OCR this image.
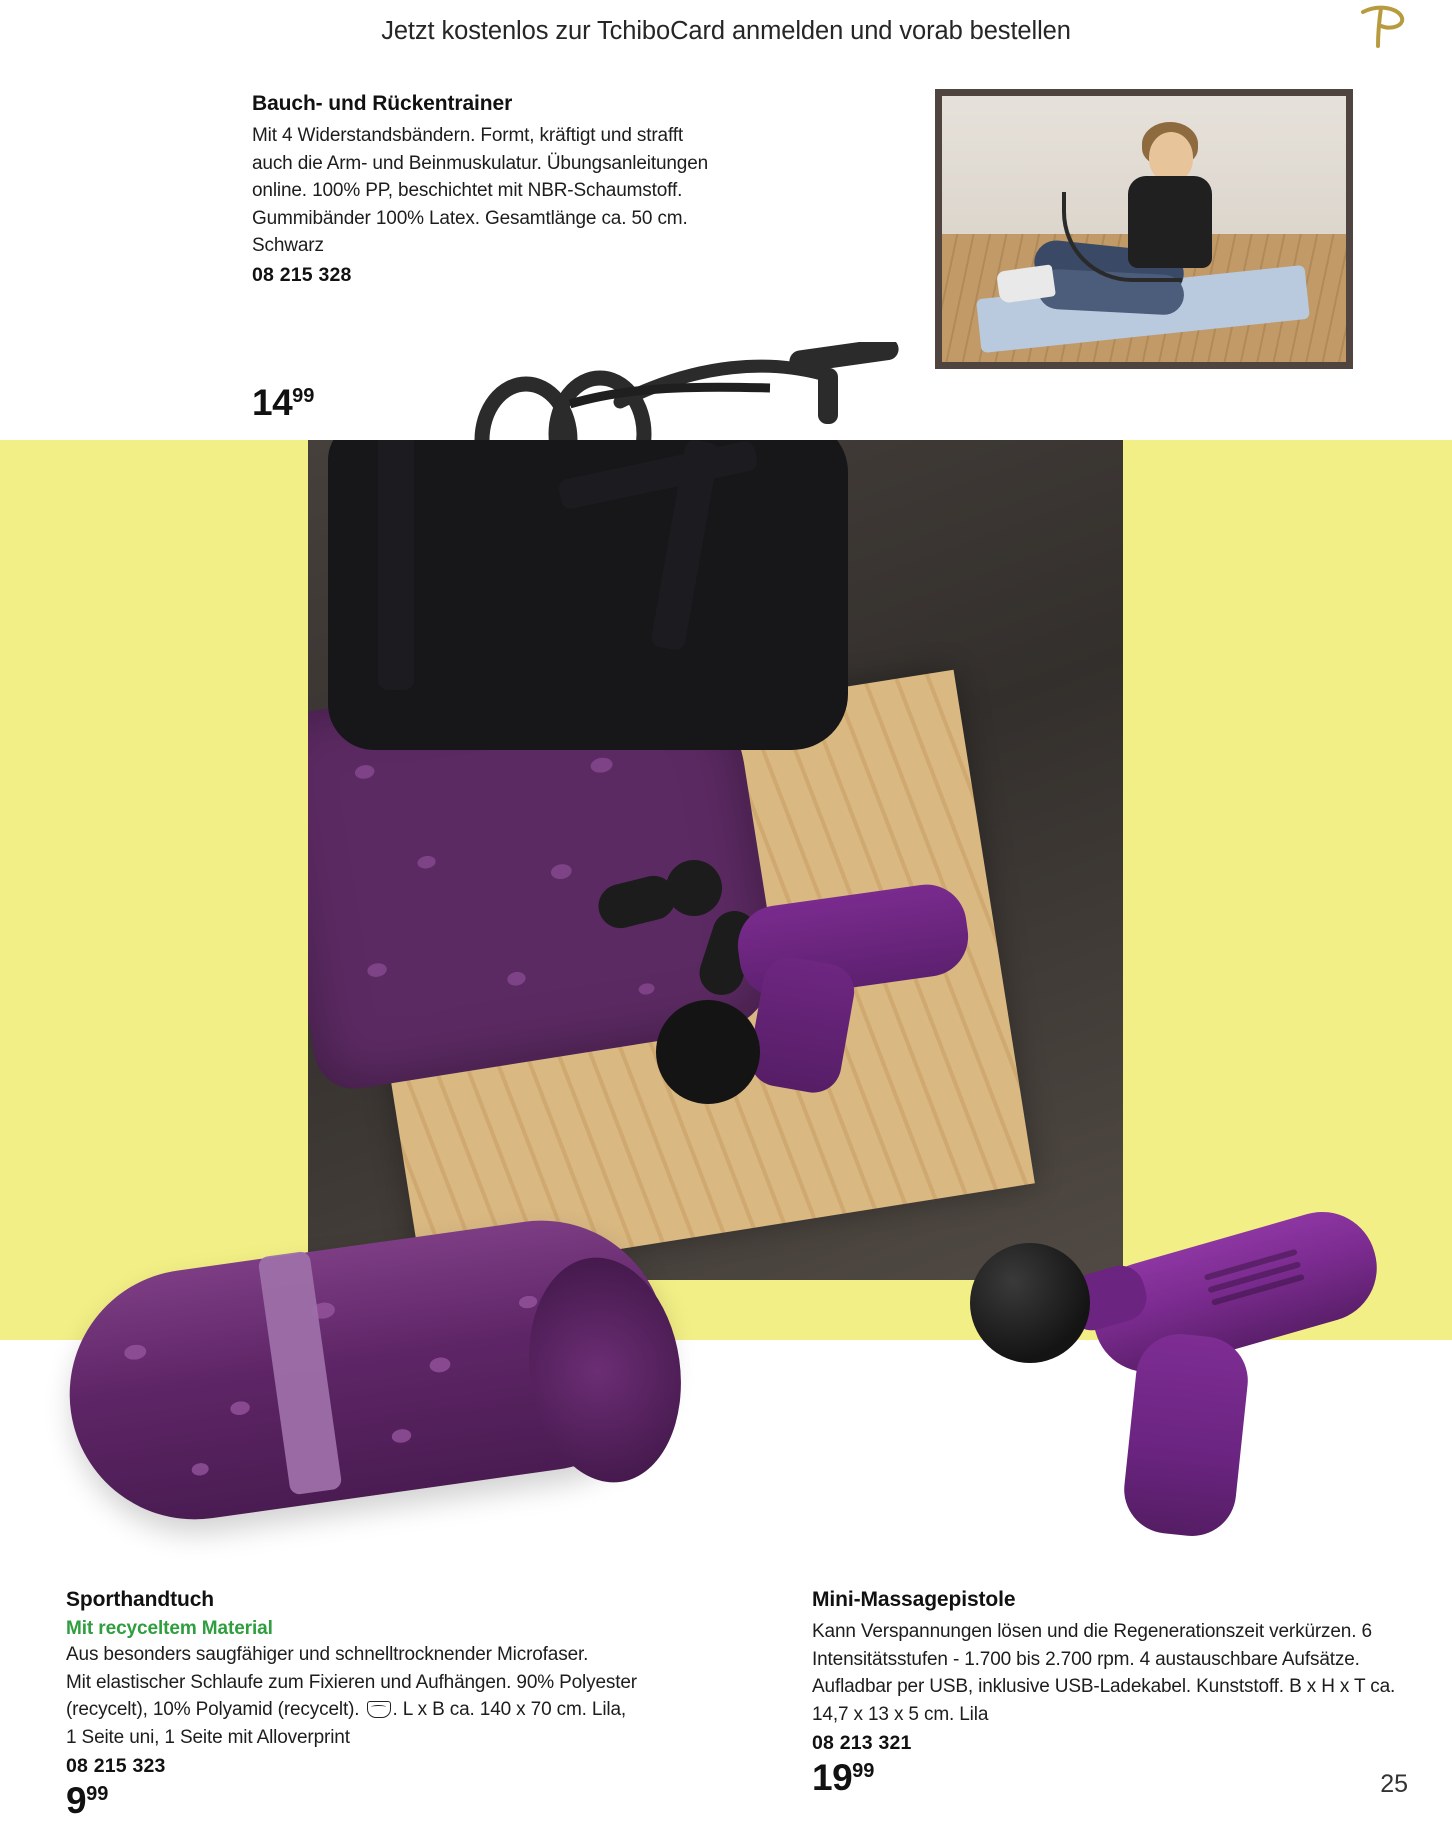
Jetzt kostenlos zur TchiboCard anmelden und vorab bestellen
Bauch- und Rückentrainer
Mit 4 Widerstandsbändern. Formt, kräftigt und strafft auch die Arm- und Beinmuskulatur. Übungsanleitungen online. 100% PP, beschichtet mit NBR-Schaumstoff. Gummibänder 100% Latex. Gesamtlänge ca. 50 cm. Schwarz
08 215 328
1499
Sporthandtuch
Mit recyceltem Material
Aus besonders saugfähiger und schnelltrocknender Microfaser.
Mit elastischer Schlaufe zum Fixieren und Aufhängen. 90% Polyester
(recycelt), 10% Polyamid (recycelt). . L x B ca. 140 x 70 cm. Lila,
1 Seite uni, 1 Seite mit Alloverprint
08 215 323
999
Mini-Massagepistole
Kann Verspannungen lösen und die Regenerationszeit verkürzen. 6 Intensitätsstufen - 1.700 bis 2.700 rpm. 4 austauschbare Aufsätze. Aufladbar per USB, inklusive USB-Ladekabel. Kunststoff. B x H x T ca. 14,7 x 13 x 5 cm. Lila
08 213 321
1999	25
